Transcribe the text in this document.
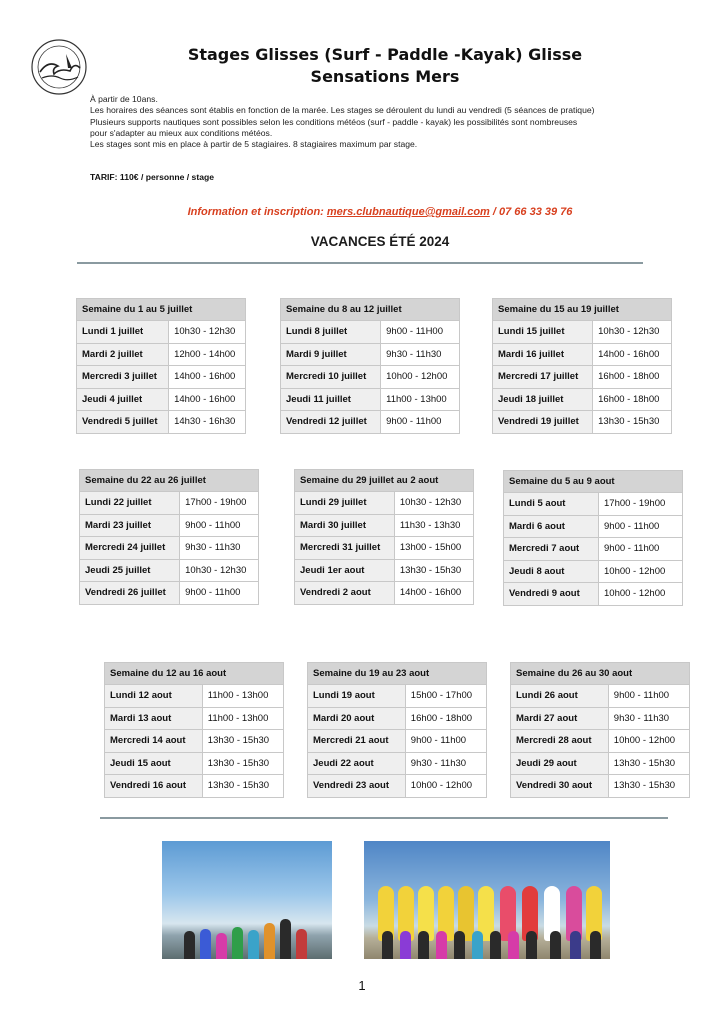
Stages Glisses (Surf - Paddle -Kayak) Glisse
Sensations Mers
À partir de 10ans.
Les horaires des séances sont établis en fonction de la marée. Les stages se déroulent du lundi au vendredi (5 séances de pratique)
Plusieurs supports nautiques sont possibles selon les conditions météos (surf - paddle - kayak) les possibilités sont nombreuses
pour s'adapter au mieux aux conditions météos.
Les stages sont mis en place à partir de 5 stagiaires. 8 stagiaires maximum par stage.
TARIF: 110€ / personne / stage
Information et inscription: mers.clubnautique@gmail.com / 07 66 33 39 76
VACANCES ÉTÉ 2024
Semaine du 1 au 5 juillet	
Lundi 1 juillet	10h30 - 12h30
Mardi 2 juillet	12h00 - 14h00
Mercredi 3 juillet	14h00 - 16h00
Jeudi 4 juillet	14h00 - 16h00
Vendredi 5 juillet	14h30 - 16h30
Semaine du 8 au 12 juillet	
Lundi 8 juillet	9h00 - 11H00
Mardi 9 juillet	9h30 - 11h30
Mercredi 10 juillet	10h00 - 12h00
Jeudi 11 juillet	11h00 - 13h00
Vendredi 12 juillet	9h00 - 11h00
Semaine du 15 au 19 juillet	
Lundi 15 juillet	10h30 - 12h30
Mardi 16 juillet	14h00 - 16h00
Mercredi 17 juillet	16h00 - 18h00
Jeudi 18 juillet	16h00 - 18h00
Vendredi 19 juillet	13h30 - 15h30
Semaine du 22 au 26 juillet	
Lundi 22 juillet	17h00 - 19h00
Mardi 23 juillet	9h00 - 11h00
Mercredi 24 juillet	9h30 - 11h30
Jeudi 25 juillet	10h30 - 12h30
Vendredi 26 juillet	9h00 - 11h00
Semaine du 29 juillet au 2 aout	
Lundi 29 juillet	10h30 - 12h30
Mardi 30 juillet	11h30 - 13h30
Mercredi 31 juillet	13h00 - 15h00
Jeudi 1er aout	13h30 - 15h30
Vendredi 2 aout	14h00 - 16h00
Semaine du 5 au 9 aout	
Lundi 5 aout	17h00 - 19h00
Mardi 6 aout	9h00 - 11h00
Mercredi 7 aout	9h00 - 11h00
Jeudi 8 aout	10h00 - 12h00
Vendredi 9 aout	10h00 - 12h00
Semaine du 12 au 16 aout	
Lundi 12 aout	11h00 - 13h00
Mardi 13 aout	11h00 - 13h00
Mercredi 14 aout	13h30 - 15h30
Jeudi 15 aout	13h30 - 15h30
Vendredi 16 aout	13h30 - 15h30
Semaine du 19 au 23 aout	
Lundi 19 aout	15h00 - 17h00
Mardi 20 aout	16h00 - 18h00
Mercredi 21 aout	9h00 - 11h00
Jeudi 22 aout	9h30 - 11h30
Vendredi 23 aout	10h00 - 12h00
Semaine du 26 au 30 aout	
Lundi 26 aout	9h00 - 11h00
Mardi 27 aout	9h30 - 11h30
Mercredi 28 aout	10h00 - 12h00
Jeudi 29 aout	13h30 - 15h30
Vendredi 30 aout	13h30 - 15h30
1
